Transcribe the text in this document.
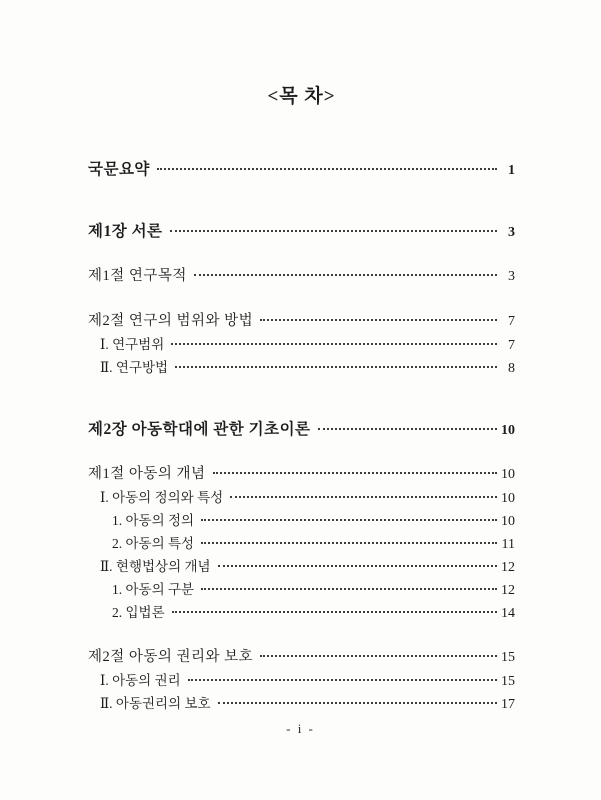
<목 차>
국문요약	1
제1장 서론	3
제1절 연구목적	3
제2절 연구의 범위와 방법	7
Ⅰ. 연구범위	7
Ⅱ. 연구방법	8
제2장 아동학대에 관한 기초이론	10
제1절 아동의 개념	10
Ⅰ. 아동의 정의와 특성	10
1. 아동의 정의	10
2. 아동의 특성	11
Ⅱ. 현행법상의 개념	12
1. 아동의 구분	12
2. 입법론	14
제2절 아동의 권리와 보호	15
Ⅰ. 아동의 권리	15
Ⅱ. 아동권리의 보호	17
- i -
